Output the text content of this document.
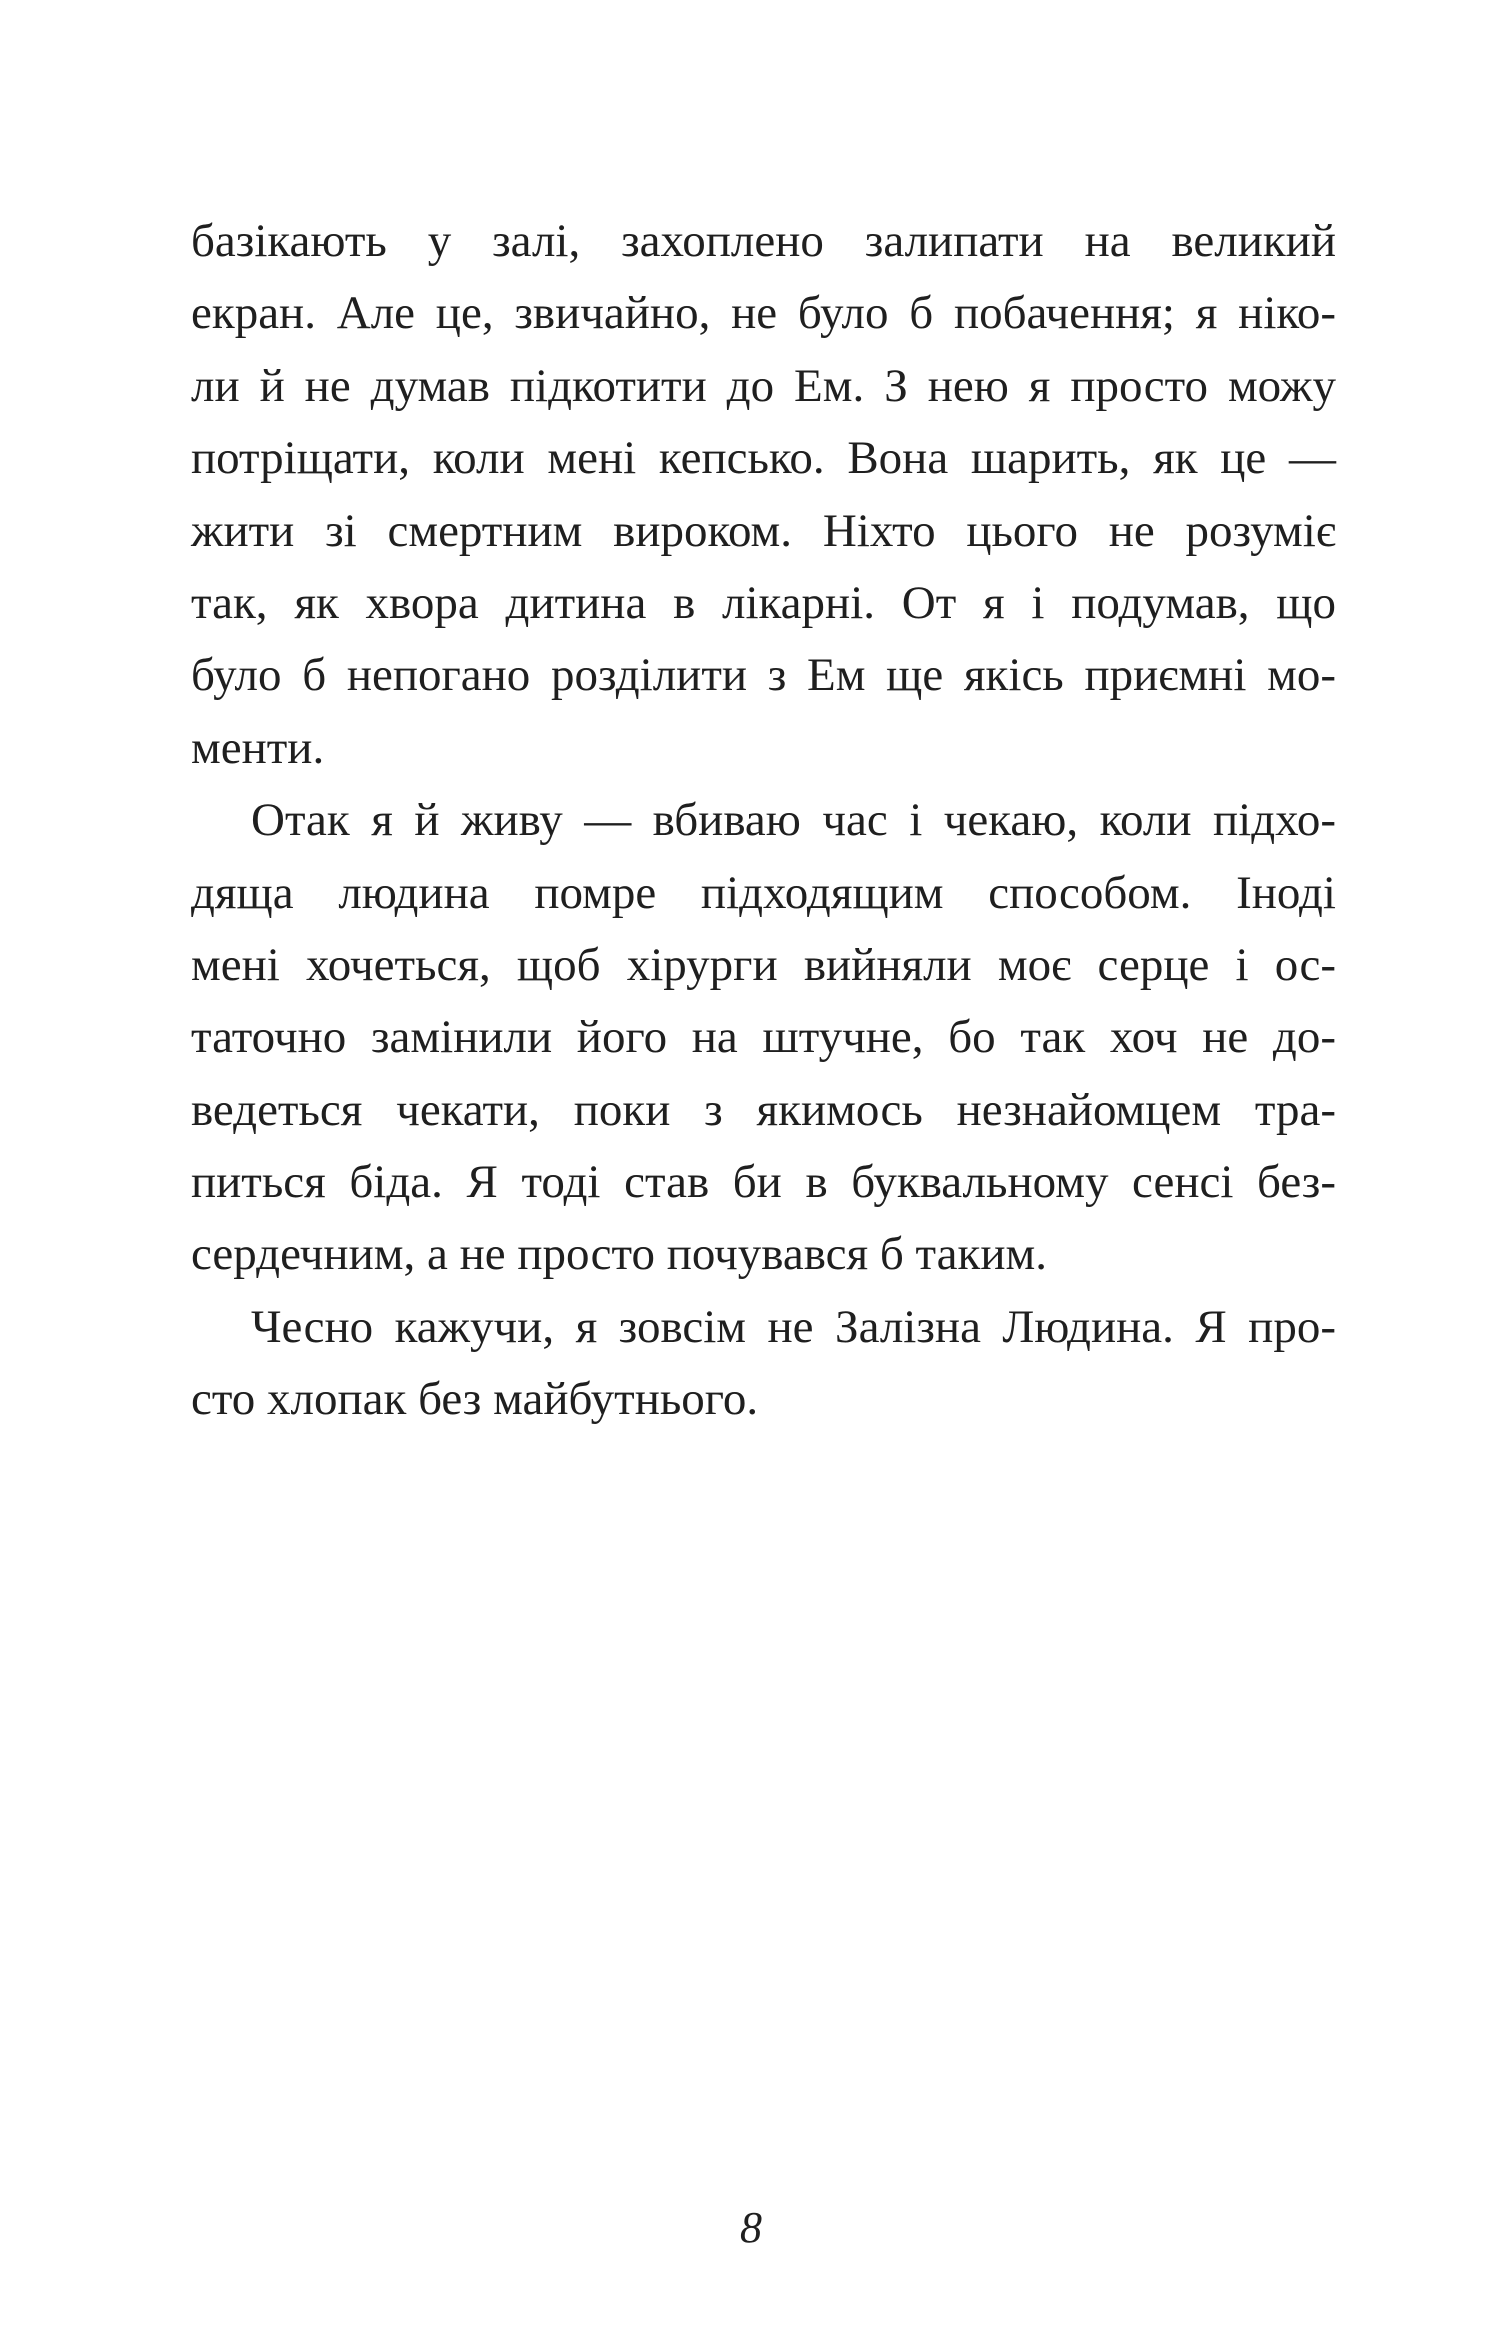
базікають у залі, захоплено залипати на великий
екран. Але це, звичайно, не було б побачення; я ніко-
ли й не думав підкотити до Ем. З нею я просто можу
потріщати, коли мені кепсько. Вона шарить, як це —
жити зі смертним вироком. Ніхто цього не розуміє
так, як хвора дитина в лікарні. От я і подумав, що
було б непогано розділити з Ем ще якісь приємні мо-
менти.
Отак я й живу — вбиваю час і чекаю, коли підхо-
дяща людина помре підходящим способом. Іноді
мені хочеться, щоб хірурги вийняли моє серце і ос-
таточно замінили його на штучне, бо так хоч не до-
ведеться чекати, поки з якимось незнайомцем тра-
питься біда. Я тоді став би в буквальному сенсі без-
сердечним, а не просто почувався б таким.
Чесно кажучи, я зовсім не Залізна Людина. Я про-
сто хлопак без майбутнього.
8
